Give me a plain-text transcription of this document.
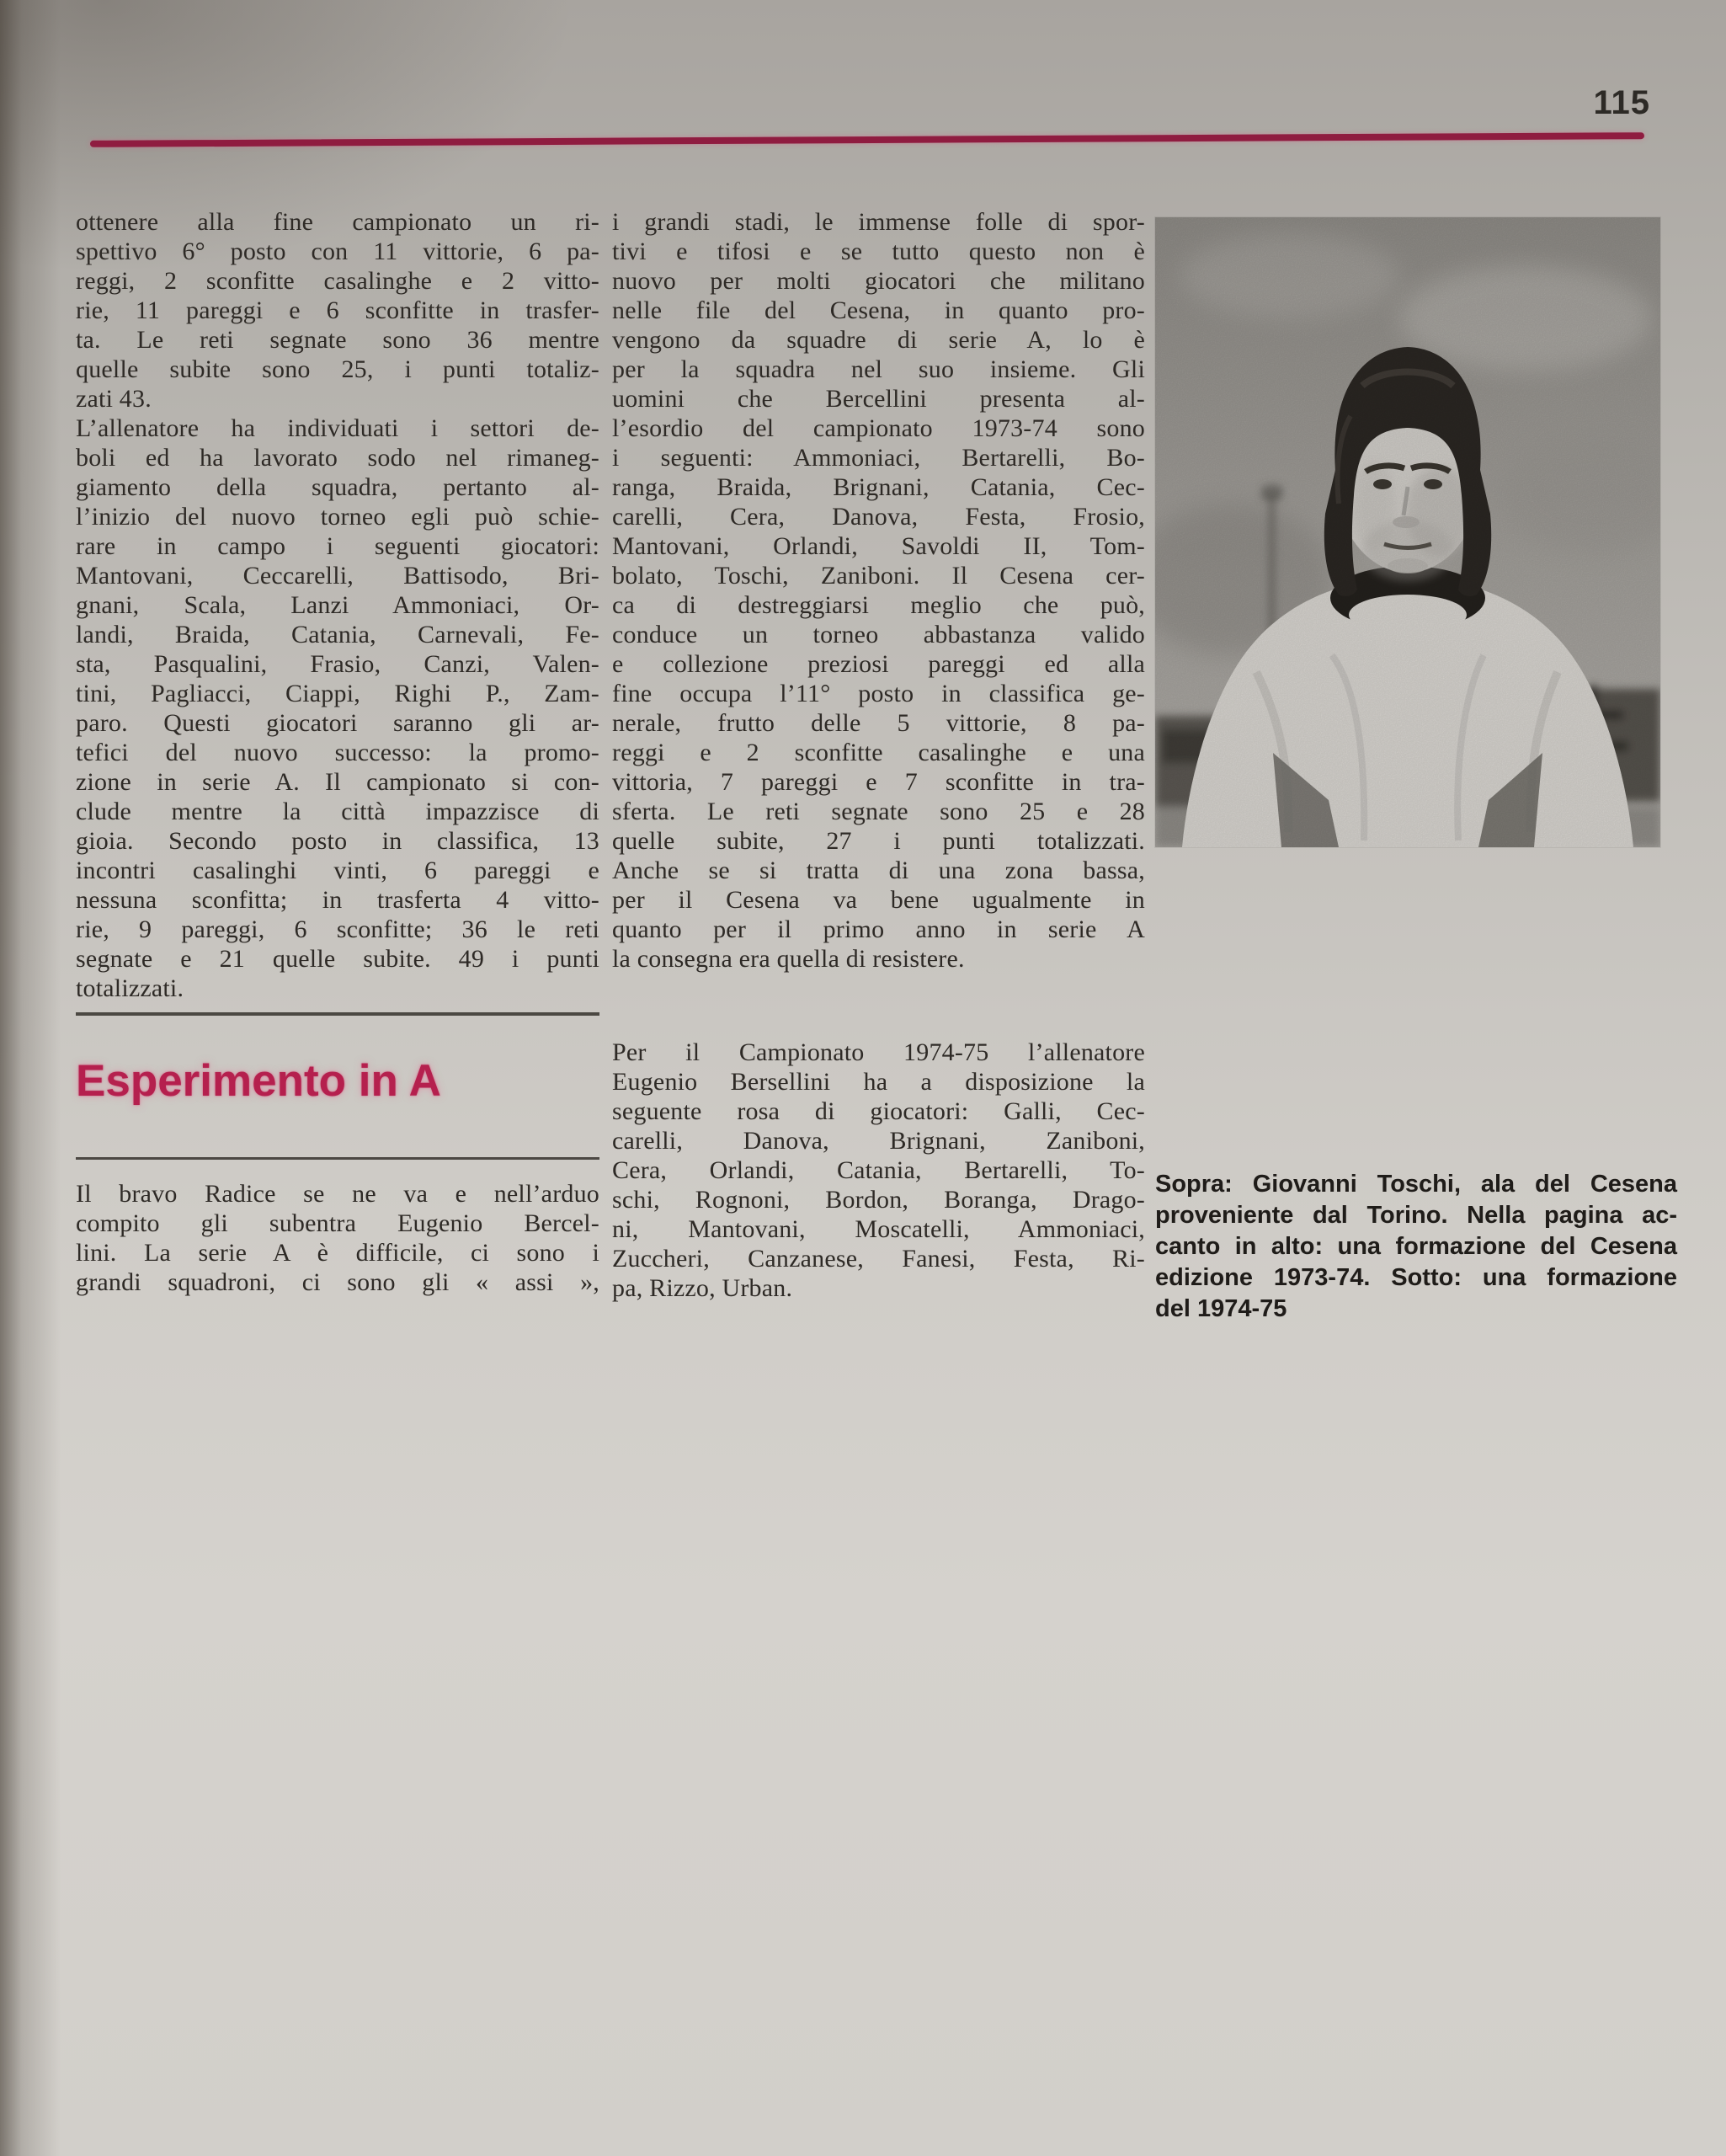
115
ottenere alla fine campionato un ri-
spettivo 6° posto con 11 vittorie, 6 pa-
reggi, 2 sconfitte casalinghe e 2 vitto-
rie, 11 pareggi e 6 sconfitte in trasfer-
ta. Le reti segnate sono 36 mentre
quelle subite sono 25, i punti totaliz-
zati 43.
L’allenatore ha individuati i settori de-
boli ed ha lavorato sodo nel rimaneg-
giamento della squadra, pertanto al-
l’inizio del nuovo torneo egli può schie-
rare in campo i seguenti giocatori:
Mantovani, Ceccarelli, Battisodo, Bri-
gnani, Scala, Lanzi Ammoniaci, Or-
landi, Braida, Catania, Carnevali, Fe-
sta, Pasqualini, Frasio, Canzi, Valen-
tini, Pagliacci, Ciappi, Righi P., Zam-
paro. Questi giocatori saranno gli ar-
tefici del nuovo successo: la promo-
zione in serie A. Il campionato si con-
clude mentre la città impazzisce di
gioia. Secondo posto in classifica, 13
incontri casalinghi vinti, 6 pareggi e
nessuna sconfitta; in trasferta 4 vitto-
rie, 9 pareggi, 6 sconfitte; 36 le reti
segnate e 21 quelle subite. 49 i punti
totalizzati.
Esperimento in A
Il bravo Radice se ne va e nell’arduo
compito gli subentra Eugenio Bercel-
lini. La serie A è difficile, ci sono i
grandi squadroni, ci sono gli « assi »,
i grandi stadi, le immense folle di spor-
tivi e tifosi e se tutto questo non è
nuovo per molti giocatori che militano
nelle file del Cesena, in quanto pro-
vengono da squadre di serie A, lo è
per la squadra nel suo insieme. Gli
uomini che Bercellini presenta al-
l’esordio del campionato 1973-74 sono
i seguenti: Ammoniaci, Bertarelli, Bo-
ranga, Braida, Brignani, Catania, Cec-
carelli, Cera, Danova, Festa, Frosio,
Mantovani, Orlandi, Savoldi II, Tom-
bolato, Toschi, Zaniboni. Il Cesena cer-
ca di destreggiarsi meglio che può,
conduce un torneo abbastanza valido
e collezione preziosi pareggi ed alla
fine occupa l’11° posto in classifica ge-
nerale, frutto delle 5 vittorie, 8 pa-
reggi e 2 sconfitte casalinghe e una
vittoria, 7 pareggi e 7 sconfitte in tra-
sferta. Le reti segnate sono 25 e 28
quelle subite, 27 i punti totalizzati.
Anche se si tratta di una zona bassa,
per il Cesena va bene ugualmente in
quanto per il primo anno in serie A
la consegna era quella di resistere.
Per il Campionato 1974-75 l’allenatore
Eugenio Bersellini ha a disposizione la
seguente rosa di giocatori: Galli, Cec-
carelli, Danova, Brignani, Zaniboni,
Cera, Orlandi, Catania, Bertarelli, To-
schi, Rognoni, Bordon, Boranga, Drago-
ni, Mantovani, Moscatelli, Ammoniaci,
Zuccheri, Canzanese, Fanesi, Festa, Ri-
pa, Rizzo, Urban.
Sopra: Giovanni Toschi, ala del Cesena
proveniente dal Torino. Nella pagina ac-
canto in alto: una formazione del Cesena
edizione 1973-74. Sotto: una formazione
del 1974-75
